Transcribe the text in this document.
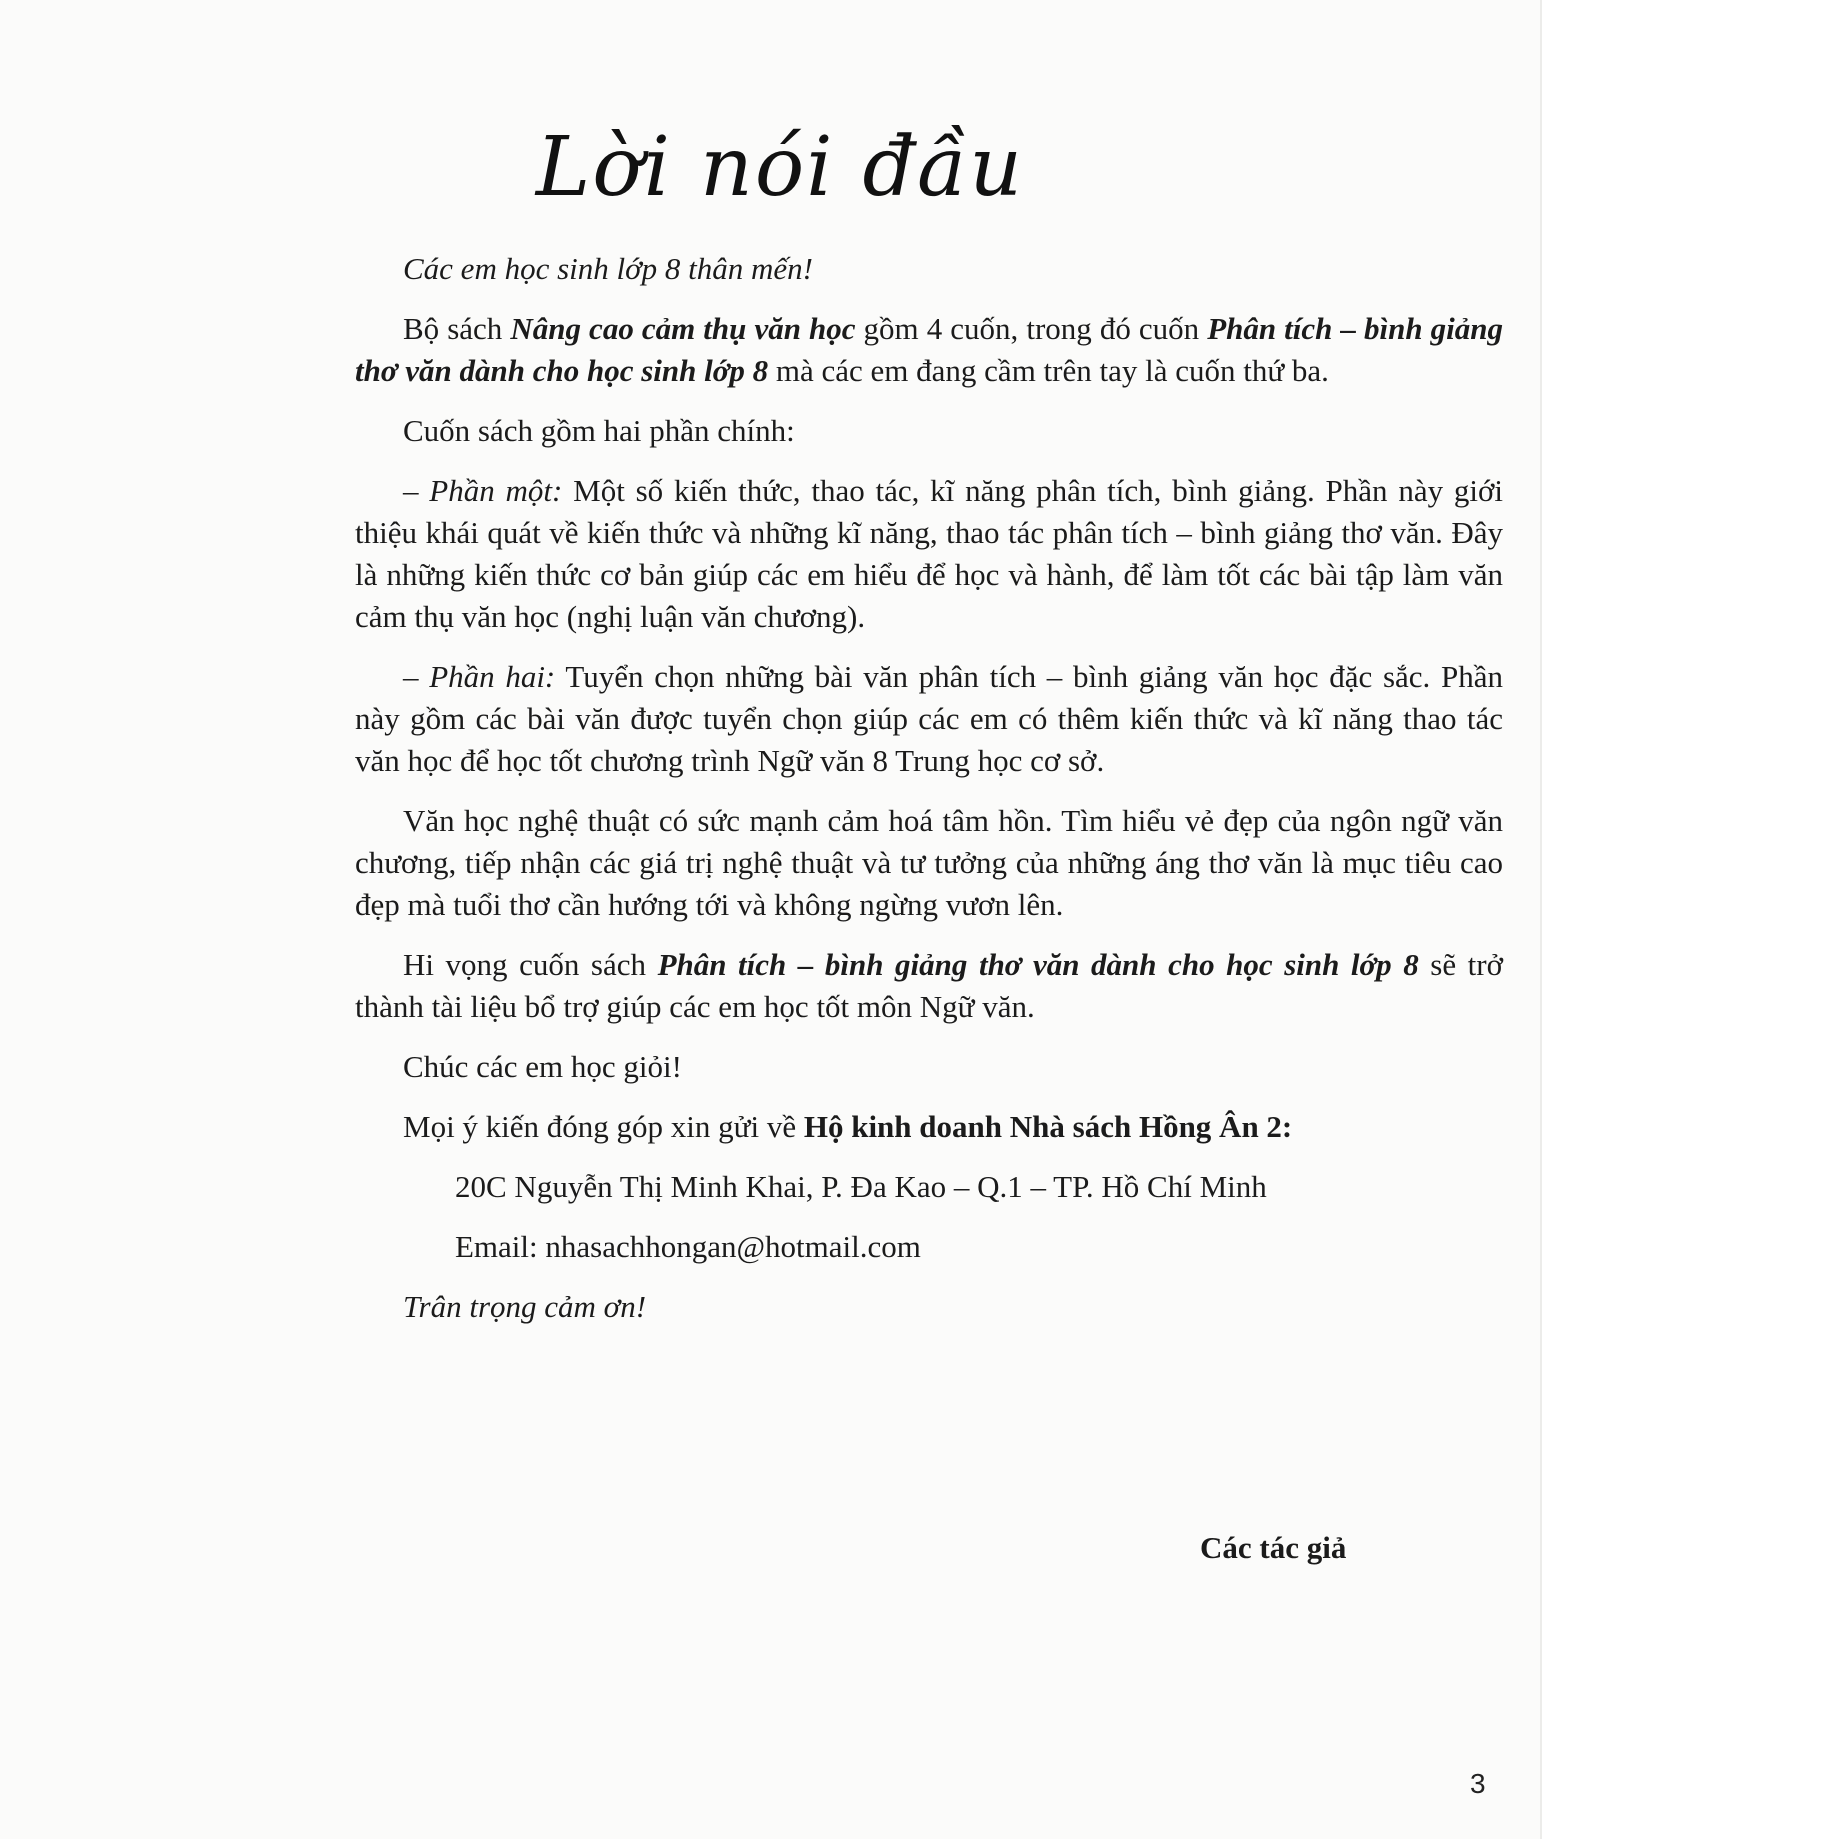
Lời nói đầu

Các em học sinh lớp 8 thân mến!

Bộ sách Nâng cao cảm thụ văn học gồm 4 cuốn, trong đó cuốn Phân tích – bình giảng thơ văn dành cho học sinh lớp 8 mà các em đang cầm trên tay là cuốn thứ ba.

Cuốn sách gồm hai phần chính:

– Phần một: Một số kiến thức, thao tác, kĩ năng phân tích, bình giảng. Phần này giới thiệu khái quát về kiến thức và những kĩ năng, thao tác phân tích – bình giảng thơ văn. Đây là những kiến thức cơ bản giúp các em hiểu để học và hành, để làm tốt các bài tập làm văn cảm thụ văn học (nghị luận văn chương).

– Phần hai: Tuyển chọn những bài văn phân tích – bình giảng văn học đặc sắc. Phần này gồm các bài văn được tuyển chọn giúp các em có thêm kiến thức và kĩ năng thao tác văn học để học tốt chương trình Ngữ văn 8 Trung học cơ sở.

Văn học nghệ thuật có sức mạnh cảm hoá tâm hồn. Tìm hiểu vẻ đẹp của ngôn ngữ văn chương, tiếp nhận các giá trị nghệ thuật và tư tưởng của những áng thơ văn là mục tiêu cao đẹp mà tuổi thơ cần hướng tới và không ngừng vươn lên.

Hi vọng cuốn sách Phân tích – bình giảng thơ văn dành cho học sinh lớp 8 sẽ trở thành tài liệu bổ trợ giúp các em học tốt môn Ngữ văn.

Chúc các em học giỏi!

Mọi ý kiến đóng góp xin gửi về Hộ kinh doanh Nhà sách Hồng Ân 2:

20C Nguyễn Thị Minh Khai, P. Đa Kao – Q.1 – TP. Hồ Chí Minh

Email: nhasachhongan@hotmail.com

Trân trọng cảm ơn!

Các tác giả
3
